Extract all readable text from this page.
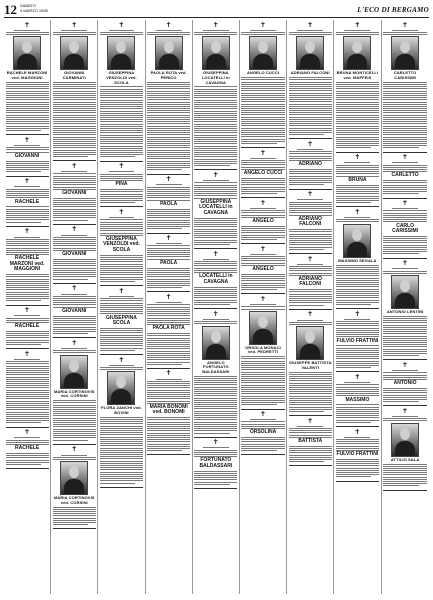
12 SABATO
4 MARZO 1995	L'ECO DI BERGAMO
✝
RACHELE MARZONI ved. MAGGIONI
✝
GIOVANNI
✝
RACHELE
✝
RACHELE MARZONI ved. MAGGIONI
✝
RACHELE
✝
✝
RACHELE
✝
GIOVANNI CARMINATI
✝
GIOVANNI
✝
GIOVANNI
✝
GIOVANNI
✝
MARIA CORTINOVIS ved. CORSINI
✝
MARIA CORTINOVIS ved. CORSINI
✝
GIUSEPPINA VENZOLDI ved. SCOLA
✝
PINA
✝
GIUSEPPINA VENZOLDI ved. SCOLA
✝
GIUSEPPINA SCOLA
✝
FLORA ZANCHI ved. BOVINI
✝
PAOLA ROTA ved. PERICO
✝
PAOLA
✝
PAOLA
✝
PAOLA ROTA
✝
MARIA BONOMI ved. BONOMI
✝
GIUSEPPINA LOCATELLI in CAVAGNA
✝
GIUSEPPINA LOCATELLI in CAVAGNA
✝
LOCATELLI in CAVAGNA
✝
ANGELO FORTUNATO BALDASSARI
✝
FORTUNATO BALDASSARI
✝
ANGELO CUCCI
✝
ANGELO CUCCI
✝
ANGELO
✝
ANGELO
✝
ORSOLA MONACI ved. PEDRETTI
✝
ORSOLINA
✝
ADRIANO FALCONI
✝
ADRIANO
✝
ADRIANO FALCONI
✝
ADRIANO FALCONI
✝
GIUSEPPE BATTISTA VALENTI
✝
BATTISTA
✝
BRUNA MONTICELLI ved. MAFFEIS
✝
BRUNA
✝
MASSIMO SEGALA
✝
FULVIO FRATTINI
✝
MASSIMO
✝
FULVIO FRATTINI
✝
CARLETTO CARISSIMI
✝
CARLETTO
✝
CARLO CARISSIMI
✝
ANTONIO LENTINI
✝
ANTONIO
✝
ATTILIO SALA
